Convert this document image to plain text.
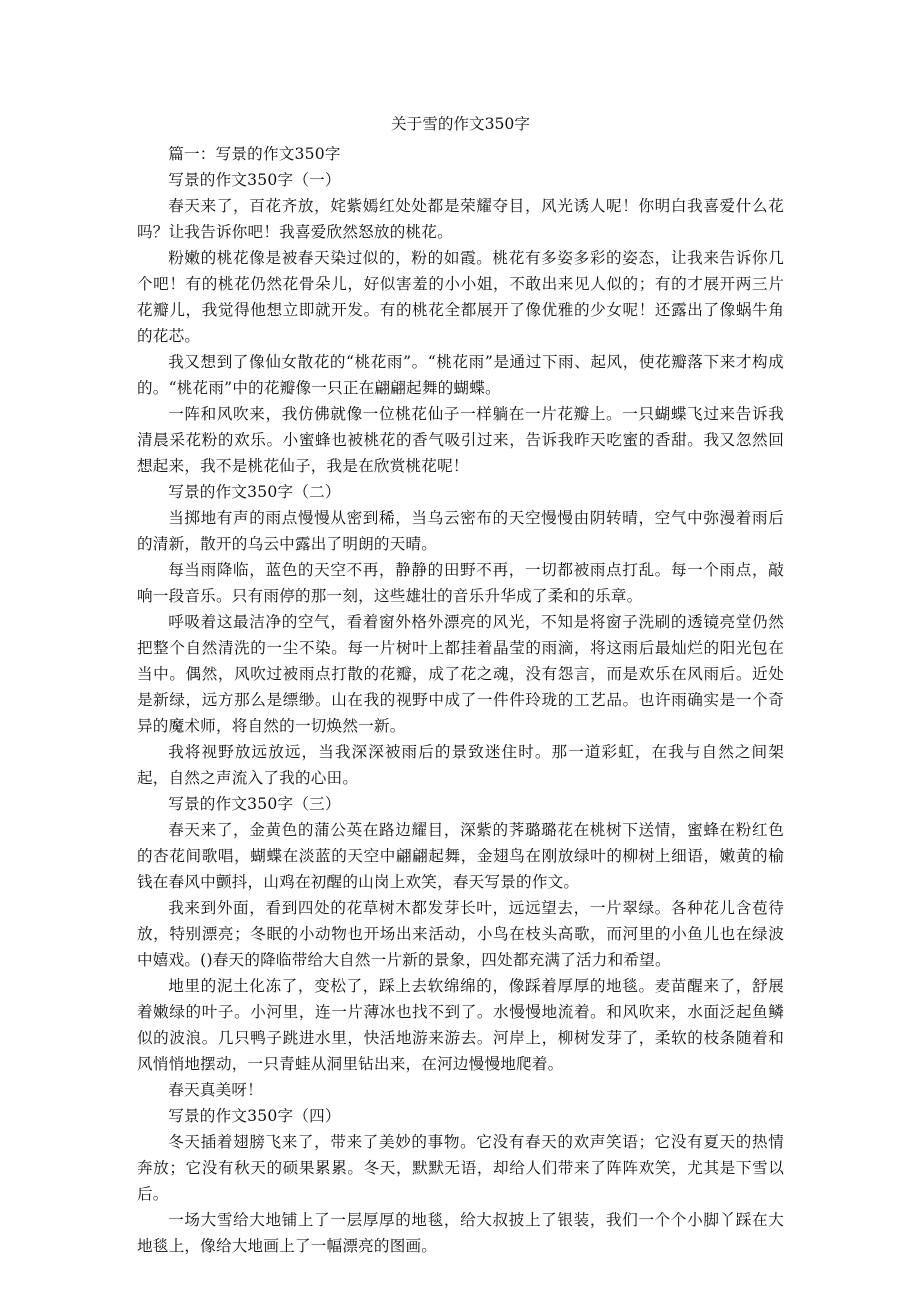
关于雪的作文350字

篇一：写景的作文350字

写景的作文350字（一）

春天来了，百花齐放，姹紫嫣红处处都是荣耀夺目，风光诱人呢！你明白我喜爱什么花吗？让我告诉你吧！我喜爱欣然怒放的桃花。

粉嫩的桃花像是被春天染过似的，粉的如霞。桃花有多姿多彩的姿态，让我来告诉你几个吧！有的桃花仍然花骨朵儿，好似害羞的小小姐，不敢出来见人似的；有的才展开两三片花瓣儿，我觉得他想立即就开发。有的桃花全都展开了像优雅的少女呢！还露出了像蜗牛角的花芯。

我又想到了像仙女散花的“桃花雨”。“桃花雨”是通过下雨、起风，使花瓣落下来才构成的。“桃花雨”中的花瓣像一只正在翩翩起舞的蝴蝶。

一阵和风吹来，我仿佛就像一位桃花仙子一样躺在一片花瓣上。一只蝴蝶飞过来告诉我清晨采花粉的欢乐。小蜜蜂也被桃花的香气吸引过来，告诉我昨天吃蜜的香甜。我又忽然回想起来，我不是桃花仙子，我是在欣赏桃花呢！

写景的作文350字（二）

当掷地有声的雨点慢慢从密到稀，当乌云密布的天空慢慢由阴转晴，空气中弥漫着雨后的清新，散开的乌云中露出了明朗的天晴。

每当雨降临，蓝色的天空不再，静静的田野不再，一切都被雨点打乱。每一个雨点，敲响一段音乐。只有雨停的那一刻，这些雄壮的音乐升华成了柔和的乐章。

呼吸着这最洁净的空气，看着窗外格外漂亮的风光，不知是将窗子洗刷的透镜亮堂仍然把整个自然清洗的一尘不染。每一片树叶上都挂着晶莹的雨滴，将这雨后最灿烂的阳光包在当中。偶然，风吹过被雨点打散的花瓣，成了花之魂，没有怨言，而是欢乐在风雨后。近处是新绿，远方那么是缥缈。山在我的视野中成了一件件玲珑的工艺品。也许雨确实是一个奇异的魔术师，将自然的一切焕然一新。

我将视野放远放远，当我深深被雨后的景致迷住时。那一道彩虹，在我与自然之间架起，自然之声流入了我的心田。

写景的作文350字（三）

春天来了，金黄色的蒲公英在路边耀目，深紫的荠璐璐花在桃树下送情，蜜蜂在粉红色的杏花间歌唱，蝴蝶在淡蓝的天空中翩翩起舞，金翅鸟在刚放绿叶的柳树上细语，嫩黄的榆钱在春风中颤抖，山鸡在初醒的山岗上欢笑，春天写景的作文。

我来到外面，看到四处的花草树木都发芽长叶，远远望去，一片翠绿。各种花儿含苞待放，特别漂亮；冬眠的小动物也开场出来活动，小鸟在枝头高歌，而河里的小鱼儿也在绿波中嬉戏。()春天的降临带给大自然一片新的景象，四处都充满了活力和希望。

地里的泥土化冻了，变松了，踩上去软绵绵的，像踩着厚厚的地毯。麦苗醒来了，舒展着嫩绿的叶子。小河里，连一片薄冰也找不到了。水慢慢地流着。和风吹来，水面泛起鱼鳞似的波浪。几只鸭子跳进水里，快活地游来游去。河岸上，柳树发芽了，柔软的枝条随着和风悄悄地摆动，一只青蛙从洞里钻出来，在河边慢慢地爬着。

春天真美呀！

写景的作文350字（四）

冬天插着翅膀飞来了，带来了美妙的事物。它没有春天的欢声笑语；它没有夏天的热情奔放；它没有秋天的硕果累累。冬天，默默无语，却给人们带来了阵阵欢笑，尤其是下雪以后。

一场大雪给大地铺上了一层厚厚的地毯，给大叔披上了银装，我们一个个小脚丫踩在大地毯上，像给大地画上了一幅漂亮的图画。
